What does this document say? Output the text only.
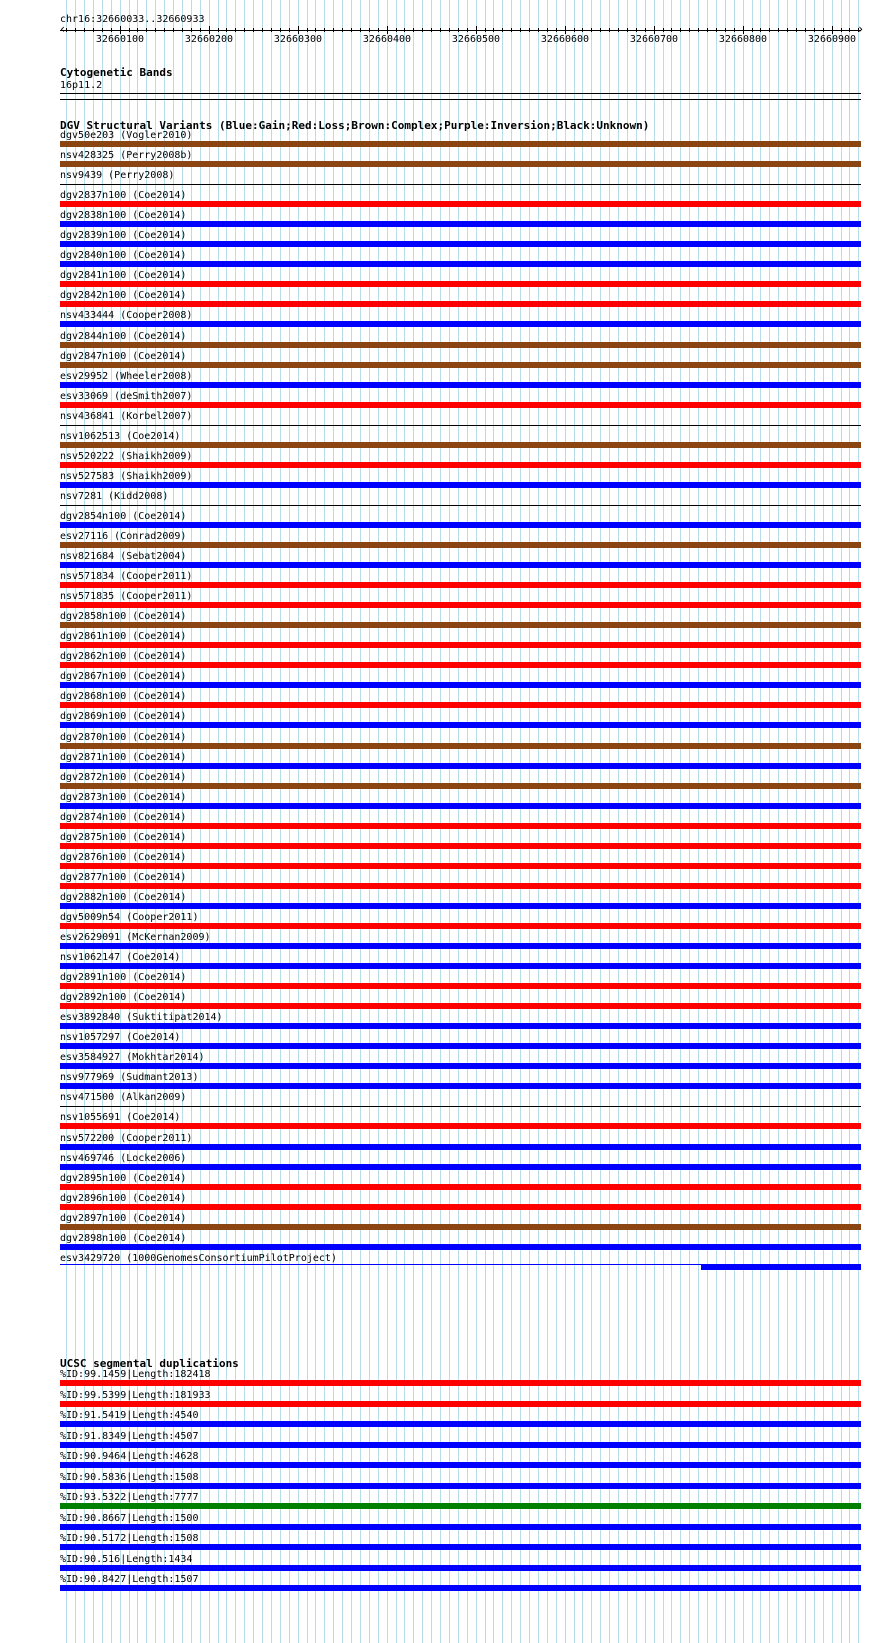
chr16:32660033..32660933
32660100	32660200	32660300	32660400	32660500	32660600	32660700	32660800	32660900
‹	›
Cytogenetic Bands
16p11.2
DGV Structural Variants (Blue:Gain;Red:Loss;Brown:Complex;Purple:Inversion;Black:Unknown)
dgv50e203 (Vogler2010)
nsv428325 (Perry2008b)
nsv9439 (Perry2008)
dgv2837n100 (Coe2014)
dgv2838n100 (Coe2014)
dgv2839n100 (Coe2014)
dgv2840n100 (Coe2014)
dgv2841n100 (Coe2014)
dgv2842n100 (Coe2014)
nsv433444 (Cooper2008)
dgv2844n100 (Coe2014)
dgv2847n100 (Coe2014)
esv29952 (Wheeler2008)
esv33069 (deSmith2007)
nsv436841 (Korbel2007)
nsv1062513 (Coe2014)
nsv520222 (Shaikh2009)
nsv527583 (Shaikh2009)
nsv7281 (Kidd2008)
dgv2854n100 (Coe2014)
esv27116 (Conrad2009)
nsv821684 (Sebat2004)
nsv571834 (Cooper2011)
nsv571835 (Cooper2011)
dgv2858n100 (Coe2014)
dgv2861n100 (Coe2014)
dgv2862n100 (Coe2014)
dgv2867n100 (Coe2014)
dgv2868n100 (Coe2014)
dgv2869n100 (Coe2014)
dgv2870n100 (Coe2014)
dgv2871n100 (Coe2014)
dgv2872n100 (Coe2014)
dgv2873n100 (Coe2014)
dgv2874n100 (Coe2014)
dgv2875n100 (Coe2014)
dgv2876n100 (Coe2014)
dgv2877n100 (Coe2014)
dgv2882n100 (Coe2014)
dgv5009n54 (Cooper2011)
esv2629091 (McKernan2009)
nsv1062147 (Coe2014)
dgv2891n100 (Coe2014)
dgv2892n100 (Coe2014)
esv3892840 (Suktitipat2014)
nsv1057297 (Coe2014)
esv3584927 (Mokhtar2014)
nsv977969 (Sudmant2013)
nsv471500 (Alkan2009)
nsv1055691 (Coe2014)
nsv572200 (Cooper2011)
nsv469746 (Locke2006)
dgv2895n100 (Coe2014)
dgv2896n100 (Coe2014)
dgv2897n100 (Coe2014)
dgv2898n100 (Coe2014)
esv3429720 (1000GenomesConsortiumPilotProject)
UCSC segmental duplications
%ID:99.1459|Length:182418
%ID:99.5399|Length:181933
%ID:91.5419|Length:4540
%ID:91.8349|Length:4507
%ID:90.9464|Length:4628
%ID:90.5836|Length:1508
%ID:93.5322|Length:7777
%ID:90.8667|Length:1500
%ID:90.5172|Length:1508
%ID:90.516|Length:1434
%ID:90.8427|Length:1507
